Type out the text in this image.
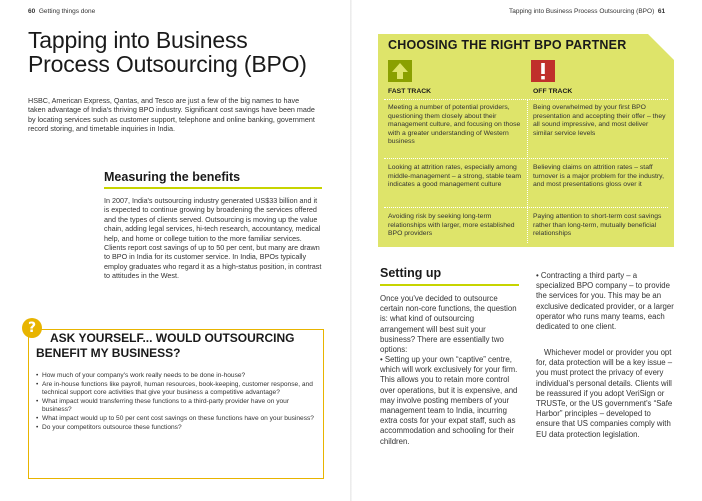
60 Getting things done
Tapping into Business
Process Outsourcing (BPO)

HSBC, American Express, Qantas, and Tesco are just a few of the big names to have taken advantage of India's thriving BPO industry. Significant cost savings have been made by locating services such as customer support, telephone and online banking, government record storing, and timetable inquiries in India.

Measuring the benefits

In 2007, India's outsourcing industry generated US$33 billion and it is expected to continue growing by broadening the services offered and the types of clients served. Outsourcing is moving up the value chain, adding legal services, hi-tech research, accountancy, medical help, and home or college tuition to the more familiar services. Clients report cost savings of up to 50 per cent, but many are drawn to BPO in India for its customer service. In India, BPOs typically employ graduates who regard it as a high-status position, in contrast to attitudes in the West.

?

ASK YOURSELF... WOULD OUTSOURCING

BENEFIT MY BUSINESS?

• How much of your company's work really needs to be done in-house?
• Are in-house functions like payroll, human resources, book-keeping, customer response, and technical support core activities that give your business a competitive advantage?
• What impact would transferring these functions to a third-party provider have on your business?
• What impact would up to 50 per cent cost savings on these functions have on your business?
• Do your competitors outsource these functions?
Tapping into Business Process Outsourcing (BPO) 61
CHOOSING THE RIGHT BPO PARTNER

FAST TRACK	OFF TRACK

Meeting a number of potential providers, questioning them closely about their management culture, and focusing on those with a greater understanding of Western business

Being overwhelmed by your first BPO presentation and accepting their offer – they all sound impressive, and most deliver similar service levels

Looking at attrition rates, especially among middle-management – a strong, stable team indicates a good management culture

Believing claims on attrition rates – staff turnover is a major problem for the industry, and most presentations gloss over it

Avoiding risk by seeking long-term relationships with larger, more established BPO providers

Paying attention to short-term cost savings rather than long-term, mutually beneficial relationships

Setting up

Once you've decided to outsource certain non-core functions, the question is: what kind of outsourcing arrangement will best suit your business? There are essentially two options:

• Setting up your own “captive” centre, which will work exclusively for your firm. This allows you to retain more control over operations, but it is expensive, and may involve posting members of your management team to India, incurring extra costs for your expat staff, such as accommodation and schooling for their children.

• Contracting a third party – a specialized BPO company – to provide the services for you. This may be an exclusive dedicated provider, or a larger operator who runs many teams, each dedicated to one client.

Whichever model or provider you opt for, data protection will be a key issue – you must protect the privacy of every individual's personal details. Clients will be reassured if you adopt VeriSign or TRUSTe, or the US government's “Safe Harbor” principles – developed to ensure that US companies comply with EU data protection legislation.
